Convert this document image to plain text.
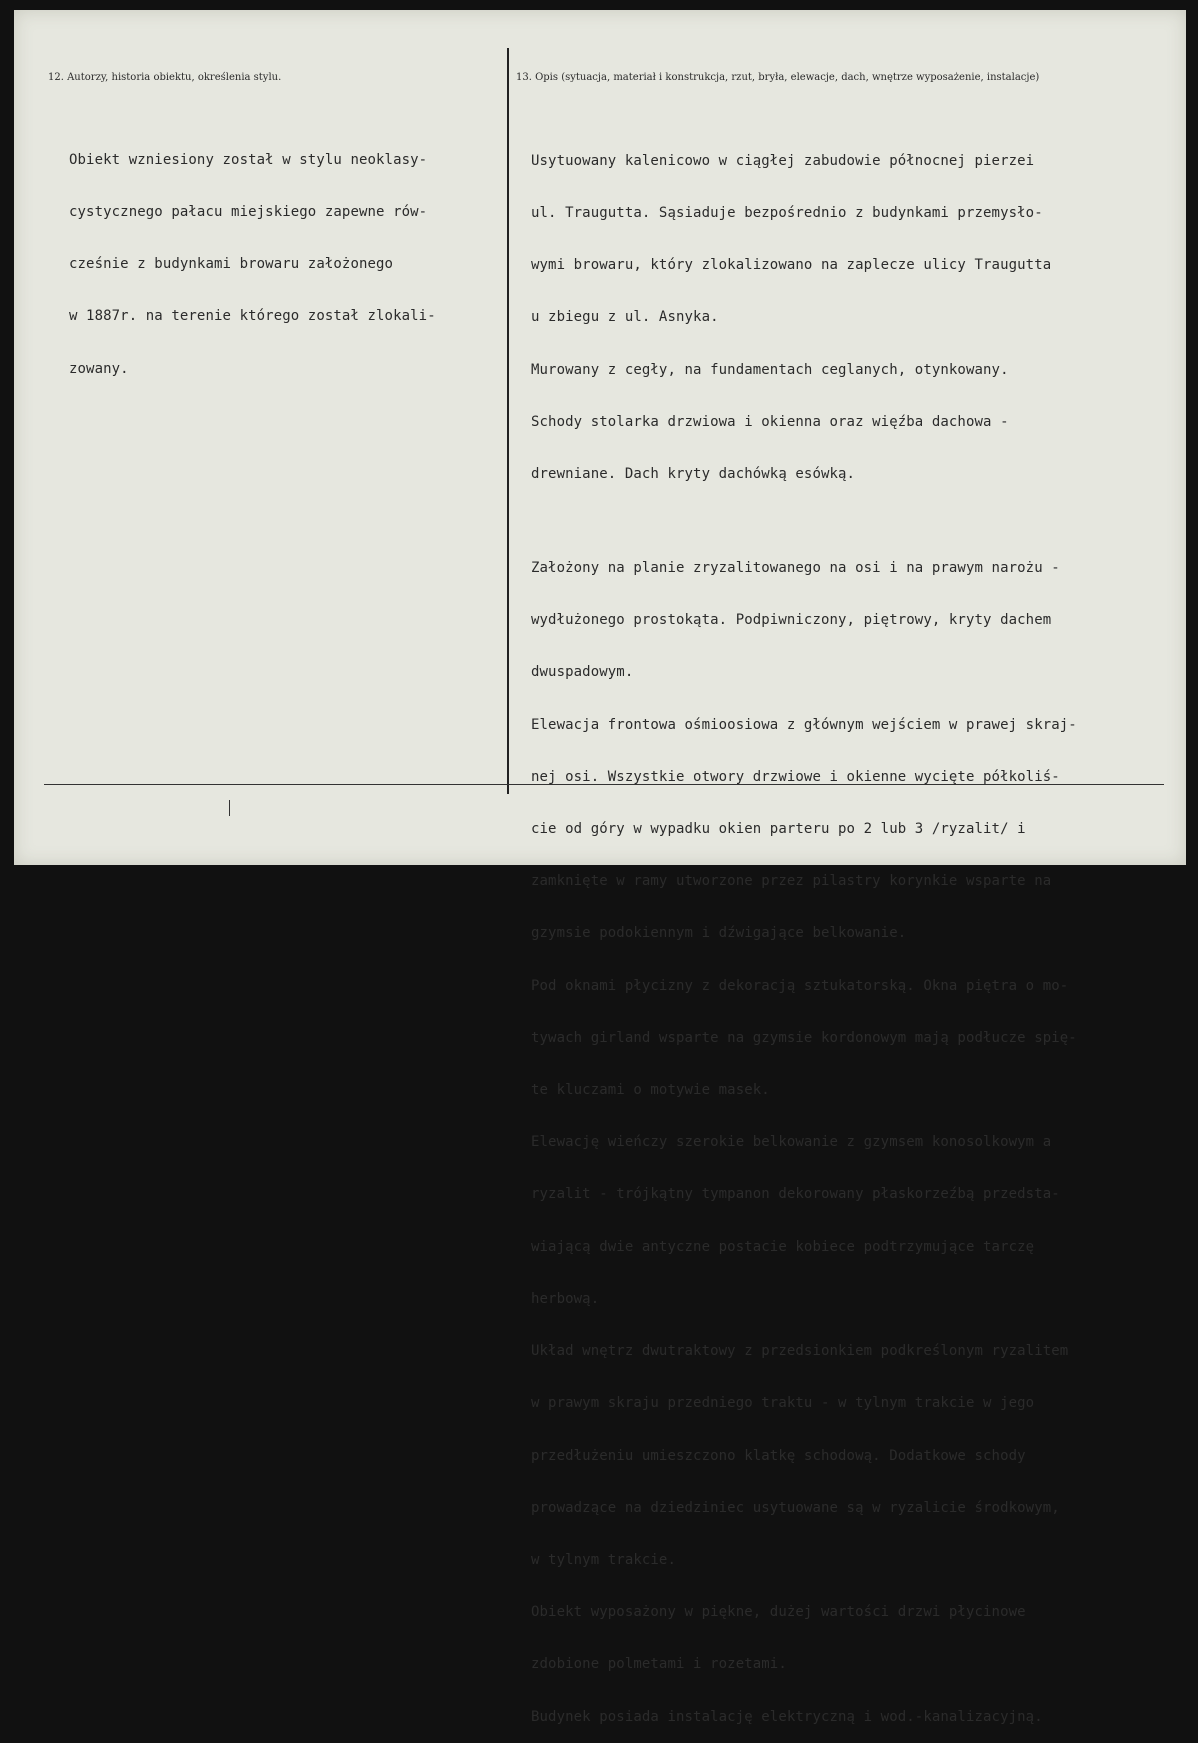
12. Autorzy, historia obiektu, określenia stylu.	13. Opis (sytuacja, materiał i konstrukcja, rzut, bryła, elewacje, dach, wnętrze wyposażenie, instalacje)

Obiekt wzniesiony został w stylu neoklasy-

cystycznego pałacu miejskiego zapewne rów-

cześnie z budynkami browaru założonego

w 1887r. na terenie którego został zlokali-

zowany.

Usytuowany kalenicowo w ciągłej zabudowie północnej pierzei

ul. Traugutta. Sąsiaduje bezpośrednio z budynkami przemysło-

wymi browaru, który zlokalizowano na zaplecze ulicy Traugutta

u zbiegu z ul. Asnyka.

Murowany z cegły, na fundamentach ceglanych, otynkowany.

Schody stolarka drzwiowa i okienna oraz więźba dachowa -

drewniane. Dach kryty dachówką esówką.

Założony na planie zryzalitowanego na osi i na prawym narożu -

wydłużonego prostokąta. Podpiwniczony, piętrowy, kryty dachem

dwuspadowym.

Elewacja frontowa ośmioosiowa z głównym wejściem w prawej skraj-

nej osi. Wszystkie otwory drzwiowe i okienne wycięte półkoliś-

cie od góry w wypadku okien parteru po 2 lub 3 /ryzalit/ i

zamknięte w ramy utworzone przez pilastry korynkie wsparte na

gzymsie podokiennym i dźwigające belkowanie.

Pod oknami płycizny z dekoracją sztukatorską. Okna piętra o mo-

tywach girland wsparte na gzymsie kordonowym mają podłucze spię-

te kluczami o motywie masek.

Elewację wieńczy szerokie belkowanie z gzymsem konosolkowym a

ryzalit - trójkątny tympanon dekorowany płaskorzeźbą przedsta-

wiającą dwie antyczne postacie kobiece podtrzymujące tarczę

herbową.

Układ wnętrz dwutraktowy z przedsionkiem podkreślonym ryzalitem

w prawym skraju przedniego traktu - w tylnym trakcie w jego

przedłużeniu umieszczono klatkę schodową. Dodatkowe schody

prowadzące na dziedziniec usytuowane są w ryzalicie środkowym,

w tylnym trakcie.

Obiekt wyposażony w piękne, dużej wartości drzwi płycinowe

zdobione polmetami i rozetami.

Budynek posiada instalację elektryczną i wod.-kanalizacyjną.
